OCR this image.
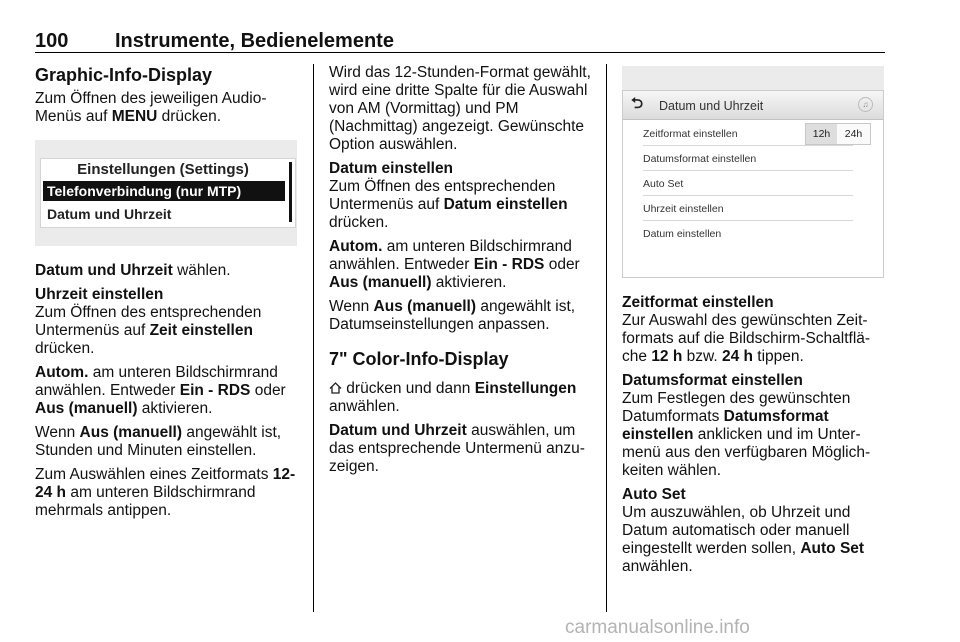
100 Instrumente, Bedienelemente
Graphic-Info-Display

Zum Öffnen des jeweiligen Audio-Menüs auf MENU drücken.

Einstellungen (Settings)
Telefonverbindung (nur MTP)
Datum und Uhrzeit

Datum und Uhrzeit wählen.

Uhrzeit einstellen

Zum Öffnen des entsprechenden Untermenüs auf Zeit einstellen drücken.

Autom. am unteren Bildschirmrand anwählen. Entweder Ein - RDS oder Aus (manuell) aktivieren.

Wenn Aus (manuell) angewählt ist, Stunden und Minuten einstellen.

Zum Auswählen eines Zeitformats 12-24 h am unteren Bildschirmrand mehrmals antippen.

Wird das 12-Stunden-Format gewählt, wird eine dritte Spalte für die Auswahl von AM (Vormittag) und PM (Nachmittag) angezeigt. Gewünschte Option auswählen.

Datum einstellen

Zum Öffnen des entsprechenden Untermenüs auf Datum einstellen drücken.

Autom. am unteren Bildschirmrand anwählen. Entweder Ein - RDS oder Aus (manuell) aktivieren.

Wenn Aus (manuell) angewählt ist, Datumseinstellungen anpassen.

7" Color-Info-Display

drücken und dann Einstellungen anwählen.

Datum und Uhrzeit auswählen, um das entsprechende Untermenü anzu-zeigen.

⮌ Datum und Uhrzeit	♫
Zeitformat einstellen
Datumsformat einstellen
Auto Set
Uhrzeit einstellen
Datum einstellen
12h	24h

Zeitformat einstellen

Zur Auswahl des gewünschten Zeit-formats auf die Bildschirm-Schaltflä-che 12 h bzw. 24 h tippen.

Datumsformat einstellen

Zum Festlegen des gewünschten Datumformats Datumsformat einstellen anklicken und im Unter-menü aus den verfügbaren Möglich-keiten wählen.

Auto Set

Um auszuwählen, ob Uhrzeit und Datum automatisch oder manuell eingestellt werden sollen, Auto Set anwählen.

carmanualsonline.info
